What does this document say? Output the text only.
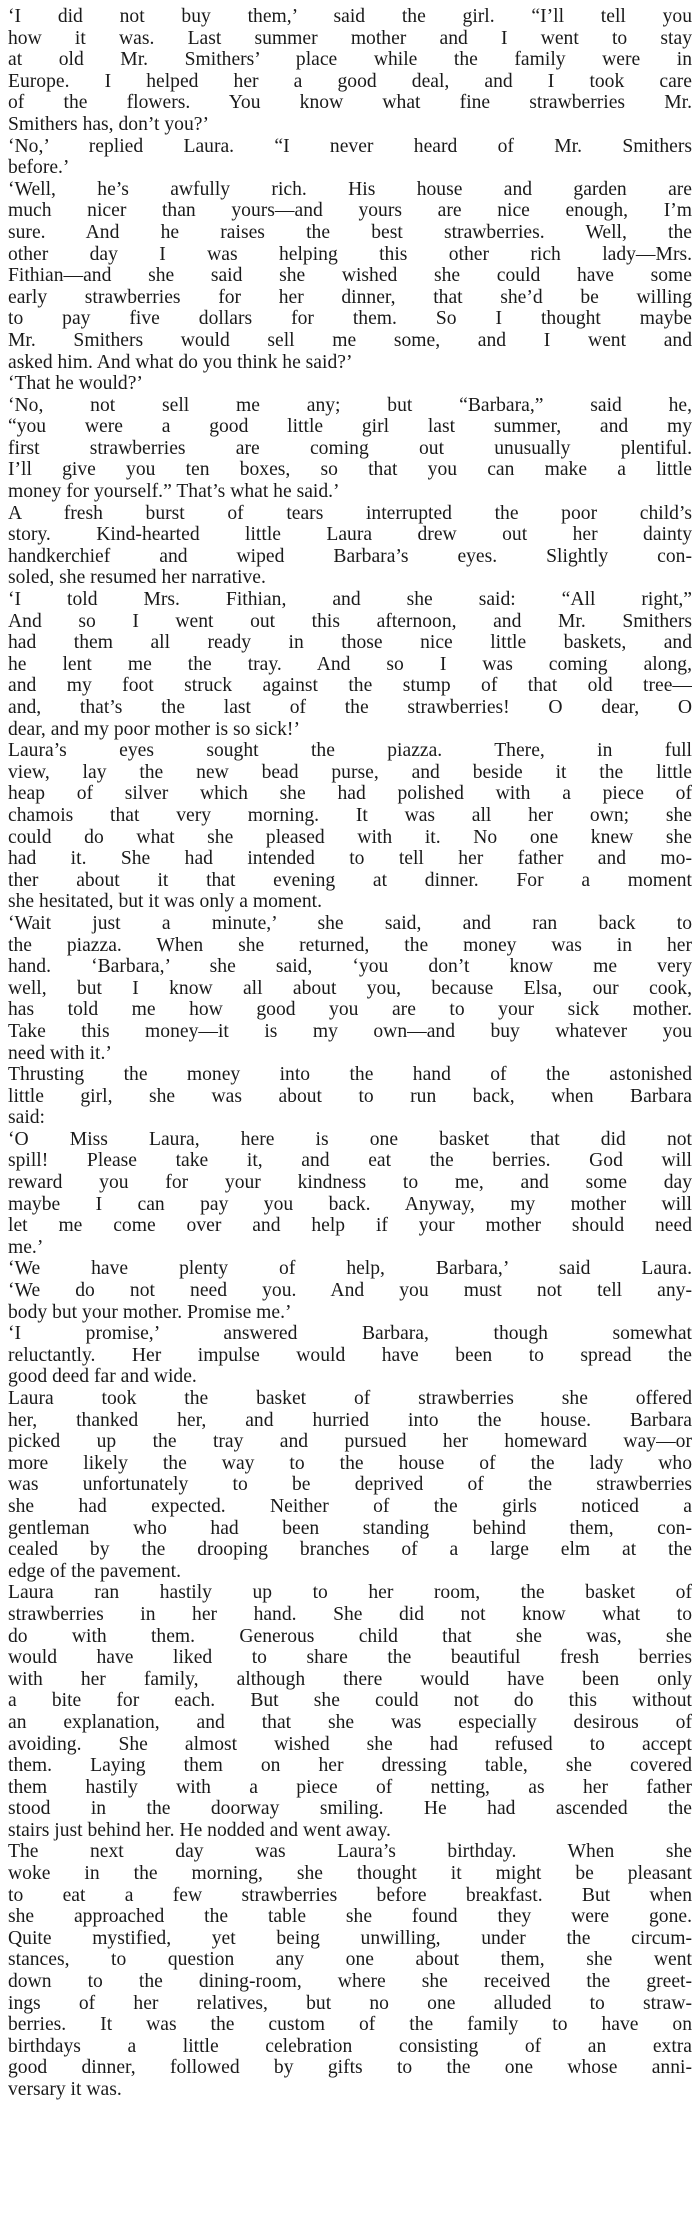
‘I did not buy them,’ said the girl. “I’ll tell you
how it was. Last summer mother and I went to stay
at old Mr. Smithers’ place while the family were in
Europe. I helped her a good deal, and I took care
of the flowers. You know what fine strawberries Mr.
Smithers has, don’t you?’
‘No,’ replied Laura. “I never heard of Mr. Smithers
before.’
‘Well, he’s awfully rich. His house and garden are
much nicer than yours—and yours are nice enough, I’m
sure. And he raises the best strawberries. Well, the
other day I was helping this other rich lady—Mrs.
Fithian—and she said she wished she could have some
early strawberries for her dinner, that she’d be willing
to pay five dollars for them. So I thought maybe
Mr. Smithers would sell me some, and I went and
asked him. And what do you think he said?’
‘That he would?’
‘No, not sell me any; but “Barbara,” said he,
“you were a good little girl last summer, and my
first strawberries are coming out unusually plentiful.
I’ll give you ten boxes, so that you can make a little
money for yourself.” That’s what he said.’
A fresh burst of tears interrupted the poor child’s
story. Kind-hearted little Laura drew out her dainty
handkerchief and wiped Barbara’s eyes. Slightly con-
soled, she resumed her narrative.
‘I told Mrs. Fithian, and she said: “All right,”
And so I went out this afternoon, and Mr. Smithers
had them all ready in those nice little baskets, and
he lent me the tray. And so I was coming along,
and my foot struck against the stump of that old tree—
and, that’s the last of the strawberries! O dear, O
dear, and my poor mother is so sick!’
Laura’s eyes sought the piazza. There, in full
view, lay the new bead purse, and beside it the little
heap of silver which she had polished with a piece of
chamois that very morning. It was all her own; she
could do what she pleased with it. No one knew she
had it. She had intended to tell her father and mo-
ther about it that evening at dinner. For a moment
she hesitated, but it was only a moment.
‘Wait just a minute,’ she said, and ran back to
the piazza. When she returned, the money was in her
hand. ‘Barbara,’ she said, ‘you don’t know me very
well, but I know all about you, because Elsa, our cook,
has told me how good you are to your sick mother.
Take this money—it is my own—and buy whatever you
need with it.’
Thrusting the money into the hand of the astonished
little girl, she was about to run back, when Barbara
said:
‘O Miss Laura, here is one basket that did not
spill! Please take it, and eat the berries. God will
reward you for your kindness to me, and some day
maybe I can pay you back. Anyway, my mother will
let me come over and help if your mother should need
me.’
‘We have plenty of help, Barbara,’ said Laura.
‘We do not need you. And you must not tell any-
body but your mother. Promise me.’
‘I promise,’ answered Barbara, though somewhat
reluctantly. Her impulse would have been to spread the
good deed far and wide.
Laura took the basket of strawberries she offered
her, thanked her, and hurried into the house. Barbara
picked up the tray and pursued her homeward way—or
more likely the way to the house of the lady who
was unfortunately to be deprived of the strawberries
she had expected. Neither of the girls noticed a
gentleman who had been standing behind them, con-
cealed by the drooping branches of a large elm at the
edge of the pavement.
Laura ran hastily up to her room, the basket of
strawberries in her hand. She did not know what to
do with them. Generous child that she was, she
would have liked to share the beautiful fresh berries
with her family, although there would have been only
a bite for each. But she could not do this without
an explanation, and that she was especially desirous of
avoiding. She almost wished she had refused to accept
them. Laying them on her dressing table, she covered
them hastily with a piece of netting, as her father
stood in the doorway smiling. He had ascended the
stairs just behind her. He nodded and went away.
The next day was Laura’s birthday. When she
woke in the morning, she thought it might be pleasant
to eat a few strawberries before breakfast. But when
she approached the table she found they were gone.
Quite mystified, yet being unwilling, under the circum-
stances, to question any one about them, she went
down to the dining-room, where she received the greet-
ings of her relatives, but no one alluded to straw-
berries. It was the custom of the family to have on
birthdays a little celebration consisting of an extra
good dinner, followed by gifts to the one whose anni-
versary it was.
